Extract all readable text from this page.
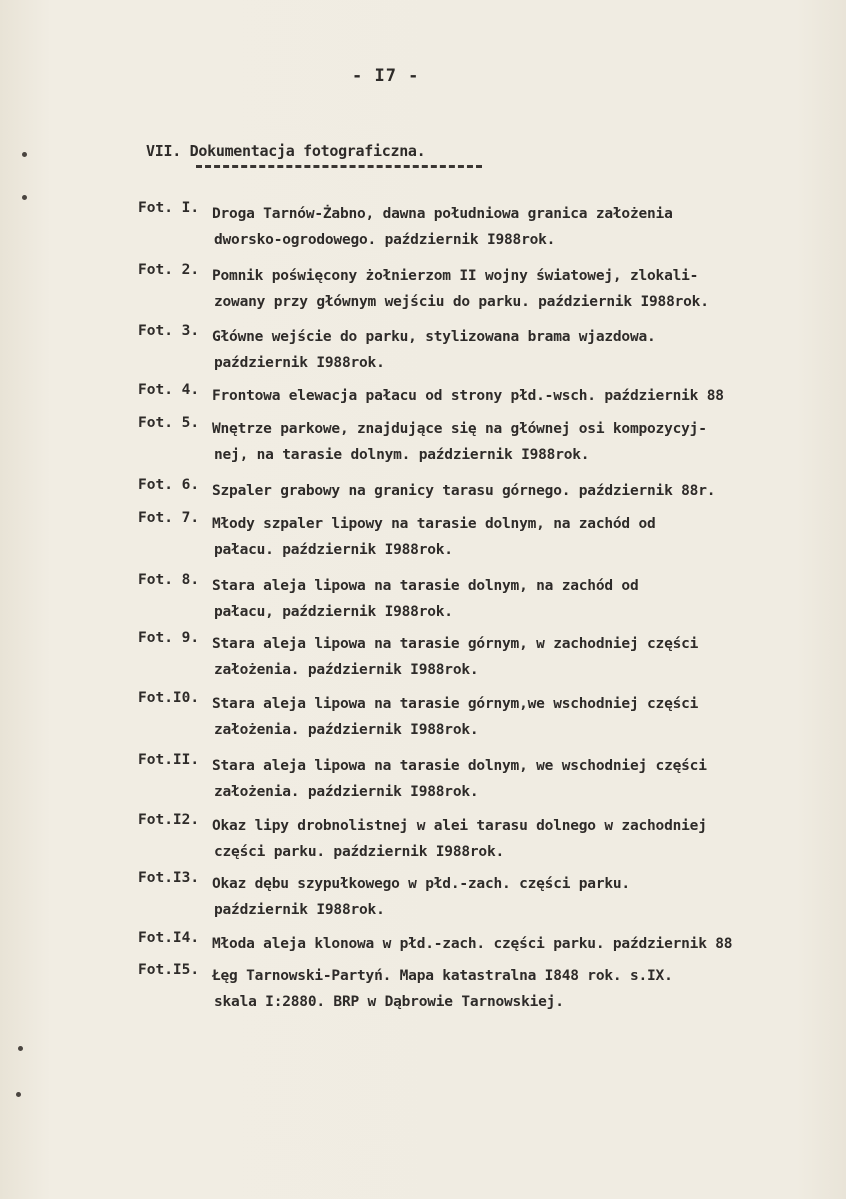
- I7 -
VII. Dokumentacja fotograficzna.
Fot. I. Droga Tarnów-Żabno, dawna południowa granica założenia
dworsko-ogrodowego. październik I988rok.
Fot. 2. Pomnik poświęcony żołnierzom II wojny światowej, zlokali-
zowany przy głównym wejściu do parku. październik I988rok.
Fot. 3. Główne wejście do parku, stylizowana brama wjazdowa.
październik I988rok.
Fot. 4. Frontowa elewacja pałacu od strony płd.-wsch. październik 88
Fot. 5. Wnętrze parkowe, znajdujące się na głównej osi kompozycyj-
nej, na tarasie dolnym. październik I988rok.
Fot. 6. Szpaler grabowy na granicy tarasu górnego. październik 88r.
Fot. 7. Młody szpaler lipowy na tarasie dolnym, na zachód od
pałacu. październik I988rok.
Fot. 8. Stara aleja lipowa na tarasie dolnym, na zachód od
pałacu, październik I988rok.
Fot. 9. Stara aleja lipowa na tarasie górnym, w zachodniej części
założenia. październik I988rok.
Fot.I0. Stara aleja lipowa na tarasie górnym,we wschodniej części
założenia. październik I988rok.
Fot.II. Stara aleja lipowa na tarasie dolnym, we wschodniej części
założenia. październik I988rok.
Fot.I2. Okaz lipy drobnolistnej w alei tarasu dolnego w zachodniej
części parku. październik I988rok.
Fot.I3. Okaz dębu szypułkowego w płd.-zach. części parku.
październik I988rok.
Fot.I4. Młoda aleja klonowa w płd.-zach. części parku. październik 88
Fot.I5. Łęg Tarnowski-Partyń. Mapa katastralna I848 rok. s.IX.
skala I:2880. BRP w Dąbrowie Tarnowskiej.
